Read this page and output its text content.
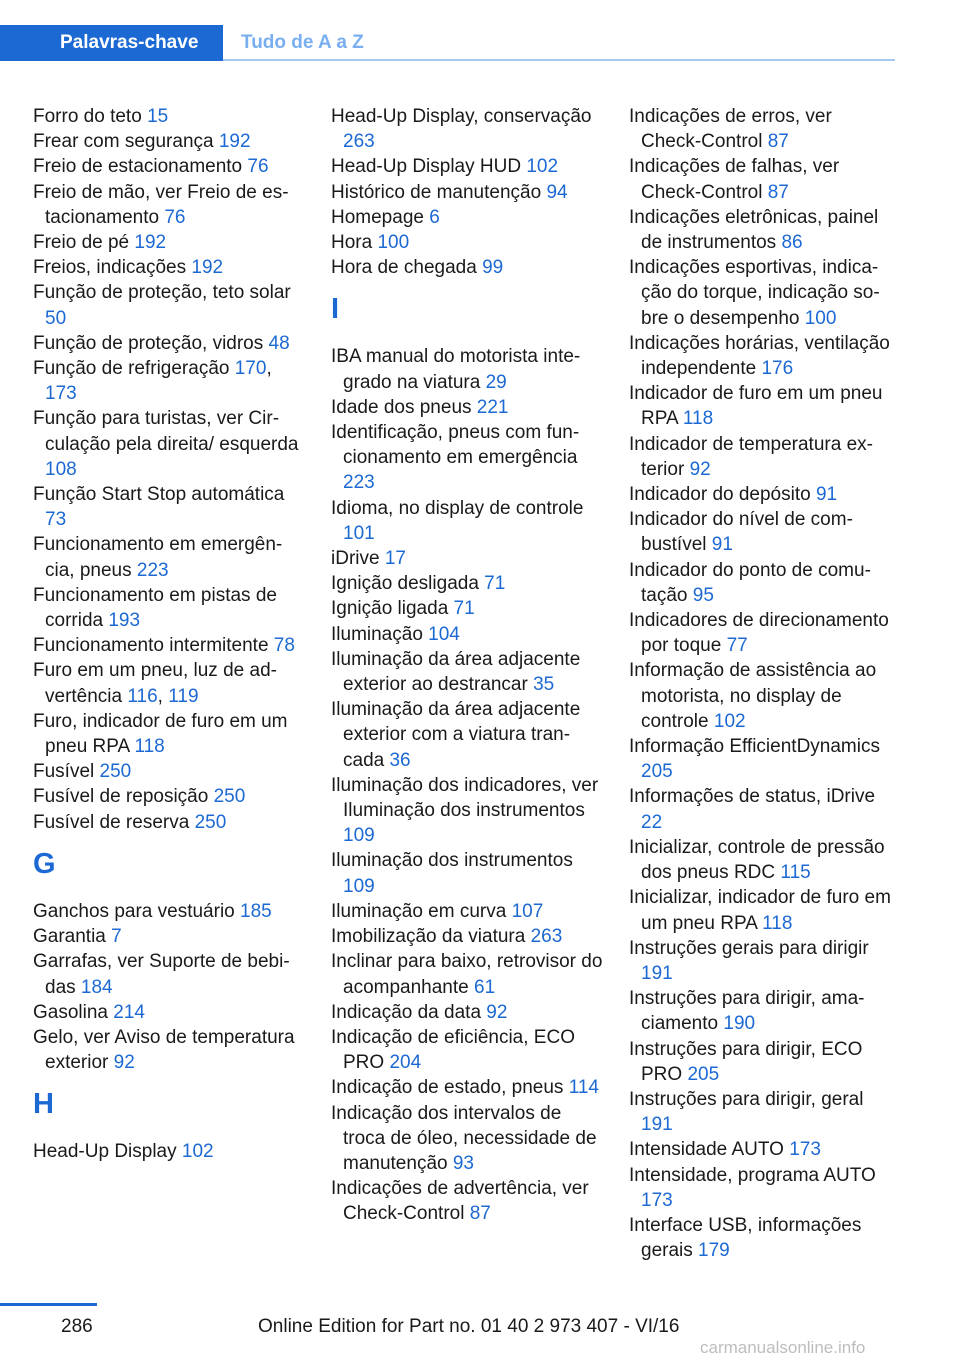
Palavras-chave	Tudo de A a Z
Forro do teto 15
Frear com segurança 192
Freio de estacionamento 76
Freio de mão, ver Freio de estacionamento 76
Freio de pé 192
Freios, indicações 192
Função de proteção, teto solar 50
Função de proteção, vidros 48
Função de refrigeração 170, 173
Função para turistas, ver Circulação pela direita/ esquerda 108
Função Start Stop automática 73
Funcionamento em emergência, pneus 223
Funcionamento em pistas de corrida 193
Funcionamento intermitente 78
Furo em um pneu, luz de advertência 116, 119
Furo, indicador de furo em um pneu RPA 118
Fusível 250
Fusível de reposição 250
Fusível de reserva 250
G
Ganchos para vestuário 185
Garantia 7
Garrafas, ver Suporte de bebidas 184
Gasolina 214
Gelo, ver Aviso de temperatura exterior 92
H
Head-Up Display 102
Head-Up Display, conservação 263
Head-Up Display HUD 102
Histórico de manutenção 94
Homepage 6
Hora 100
Hora de chegada 99
I
IBA manual do motorista integrado na viatura 29
Idade dos pneus 221
Identificação, pneus com funcionamento em emergência 223
Idioma, no display de controle 101
iDrive 17
Ignição desligada 71
Ignição ligada 71
Iluminação 104
Iluminação da área adjacente exterior ao destrancar 35
Iluminação da área adjacente exterior com a viatura trancada 36
Iluminação dos indicadores, ver Iluminação dos instrumentos 109
Iluminação dos instrumentos 109
Iluminação em curva 107
Imobilização da viatura 263
Inclinar para baixo, retrovisor do acompanhante 61
Indicação da data 92
Indicação de eficiência, ECO PRO 204
Indicação de estado, pneus 114
Indicação dos intervalos de troca de óleo, necessidade de manutenção 93
Indicações de advertência, ver Check-Control 87
Indicações de erros, ver Check-Control 87
Indicações de falhas, ver Check-Control 87
Indicações eletrônicas, painel de instrumentos 86
Indicações esportivas, indicação do torque, indicação sobre o desempenho 100
Indicações horárias, ventilação independente 176
Indicador de furo em um pneu RPA 118
Indicador de temperatura exterior 92
Indicador do depósito 91
Indicador do nível de combustível 91
Indicador do ponto de comutação 95
Indicadores de direcionamento por toque 77
Informação de assistência ao motorista, no display de controle 102
Informação EfficientDynamics 205
Informações de status, iDrive 22
Inicializar, controle de pressão dos pneus RDC 115
Inicializar, indicador de furo em um pneu RPA 118
Instruções gerais para dirigir 191
Instruções para dirigir, amaciamento 190
Instruções para dirigir, ECO PRO 205
Instruções para dirigir, geral 191
Intensidade AUTO 173
Intensidade, programa AUTO 173
Interface USB, informações gerais 179
286	Online Edition for Part no. 01 40 2 973 407 - VI/16
carmanualsonline.info
